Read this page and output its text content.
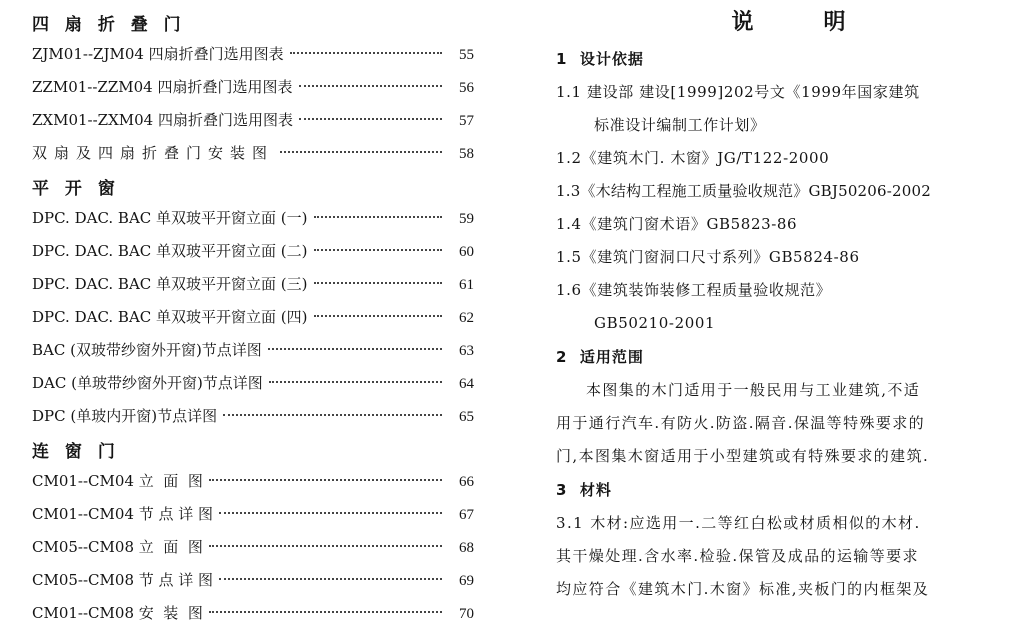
四 扇 折 叠 门
ZJM01--ZJM04 四扇折叠门选用图表	55
ZZM01--ZZM04 四扇折叠门选用图表	56
ZXM01--ZXM04 四扇折叠门选用图表	57
双扇及四扇折叠门安装图	58
平 开 窗
DPC. DAC. BAC 单双玻平开窗立面 (一)	59
DPC. DAC. BAC 单双玻平开窗立面 (二)	60
DPC. DAC. BAC 单双玻平开窗立面 (三)	61
DPC. DAC. BAC 单双玻平开窗立面 (四)	62
BAC (双玻带纱窗外开窗)节点详图	63
DAC (单玻带纱窗外开窗)节点详图	64
DPC (单玻内开窗)节点详图	65
连 窗 门
CM01--CM04 立  面  图	66
CM01--CM04 节 点 详 图	67
CM05--CM08 立  面  图	68
CM05--CM08 节 点 详 图	69
CM01--CM08 安  装  图	70
说	明
1  设计依据
1.1 建设部 建设[1999]202号文《1999年国家建筑
标准设计编制工作计划》
1.2《建筑木门. 木窗》JG/T122-2000
1.3《木结构工程施工质量验收规范》GBJ50206-2002
1.4《建筑门窗术语》GB5823-86
1.5《建筑门窗洞口尺寸系列》GB5824-86
1.6《建筑装饰装修工程质量验收规范》
GB50210-2001
2  适用范围
本图集的木门适用于一般民用与工业建筑,不适
用于通行汽车.有防火.防盗.隔音.保温等特殊要求的
门,本图集木窗适用于小型建筑或有特殊要求的建筑.
3  材料
3.1 木材:应选用一.二等红白松或材质相似的木材.
其干燥处理.含水率.检验.保管及成品的运输等要求
均应符合《建筑木门.木窗》标准,夹板门的内框架及
